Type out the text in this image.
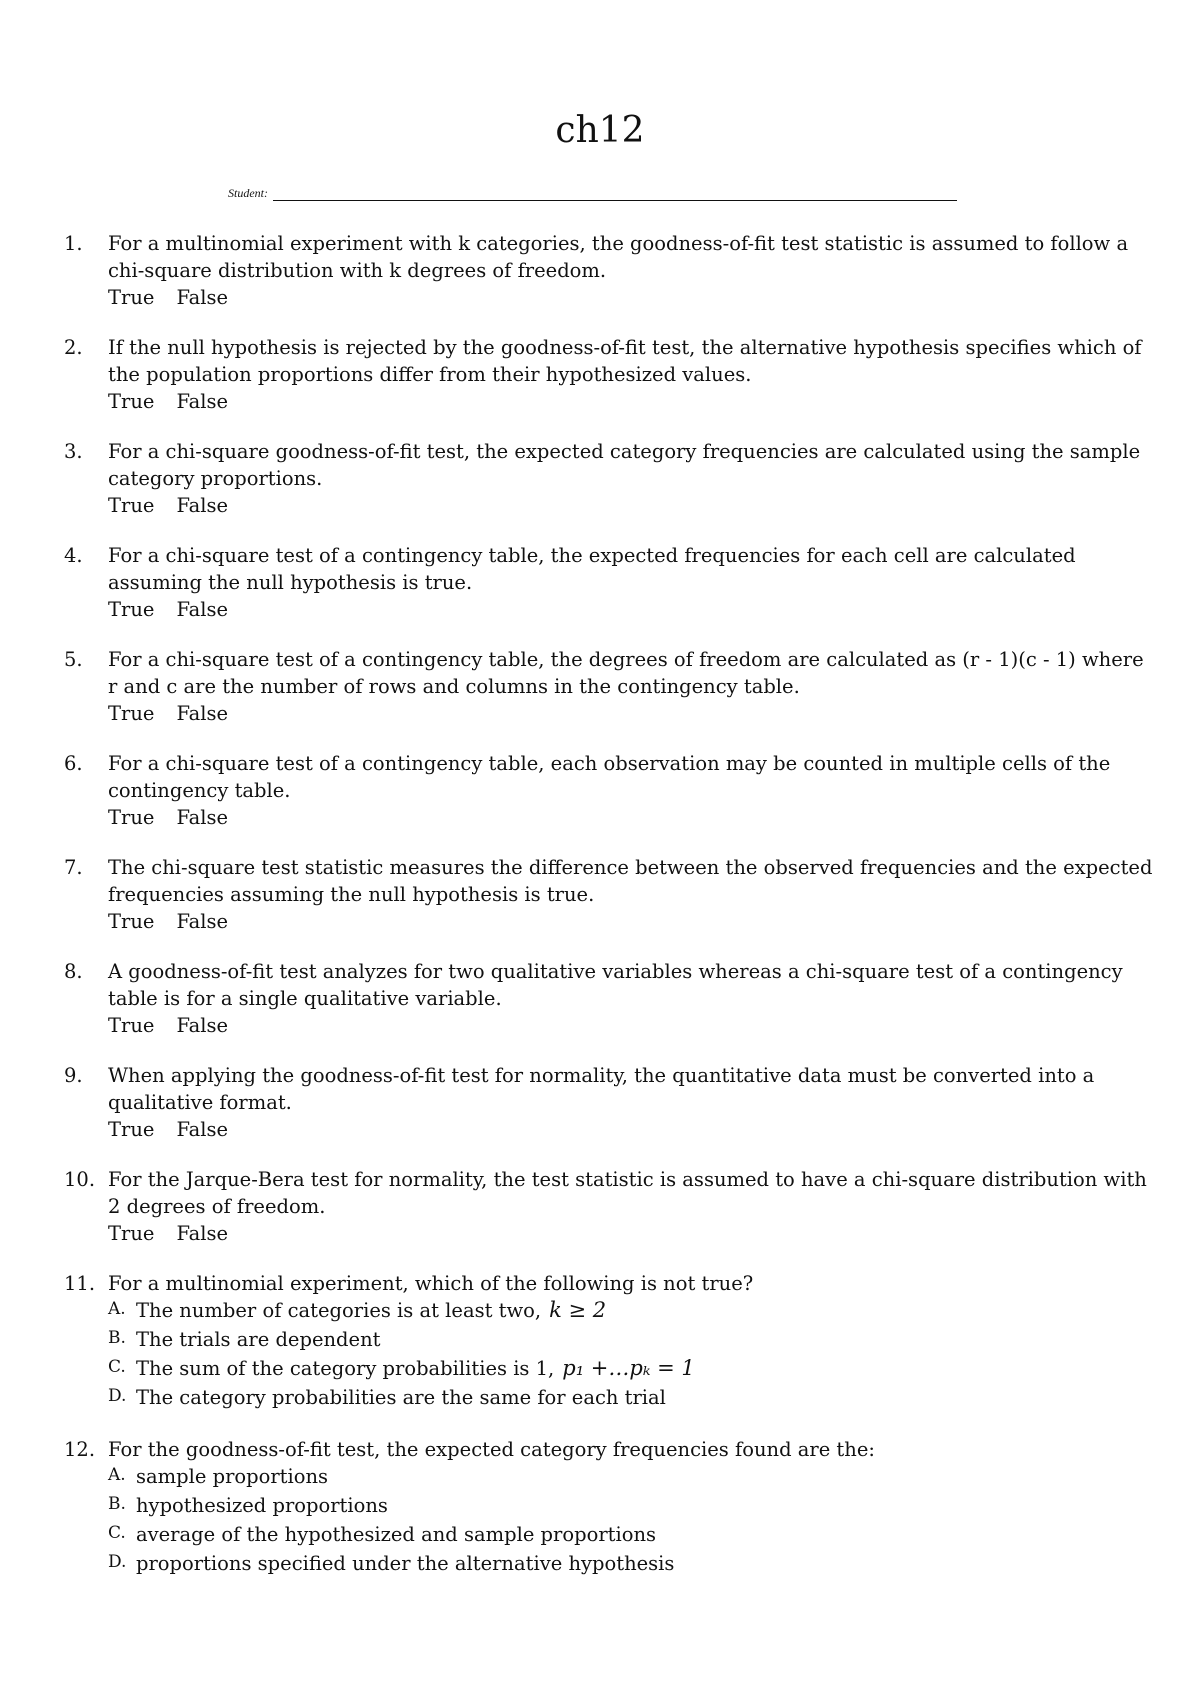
ch12
Student:
1.	For a multinomial experiment with k categories, the goodness-of-fit test statistic is assumed to follow a chi-square distribution with k degrees of freedom.
True False
2.	If the null hypothesis is rejected by the goodness-of-fit test, the alternative hypothesis specifies which of the population proportions differ from their hypothesized values.
True False
3.	For a chi-square goodness-of-fit test, the expected category frequencies are calculated using the sample category proportions.
True False
4.	For a chi-square test of a contingency table, the expected frequencies for each cell are calculated assuming the null hypothesis is true.
True False
5.	For a chi-square test of a contingency table, the degrees of freedom are calculated as (r - 1)(c - 1) where r and c are the number of rows and columns in the contingency table.
True False
6.	For a chi-square test of a contingency table, each observation may be counted in multiple cells of the contingency table.
True False
7.	The chi-square test statistic measures the difference between the observed frequencies and the expected frequencies assuming the null hypothesis is true.
True False
8.	A goodness-of-fit test analyzes for two qualitative variables whereas a chi-square test of a contingency table is for a single qualitative variable.
True False
9.	When applying the goodness-of-fit test for normality, the quantitative data must be converted into a qualitative format.
True False
10. For the Jarque-Bera test for normality, the test statistic is assumed to have a chi-square distribution with 2 degrees of freedom.
True False
11. For a multinomial experiment, which of the following is not true?
A. The number of categories is at least two, k ≥ 2
B. The trials are dependent
C. The sum of the category probabilities is 1, p₁ +…pₖ = 1
D. The category probabilities are the same for each trial
12. For the goodness-of-fit test, the expected category frequencies found are the:
A. sample proportions
B. hypothesized proportions
C. average of the hypothesized and sample proportions
D. proportions specified under the alternative hypothesis
